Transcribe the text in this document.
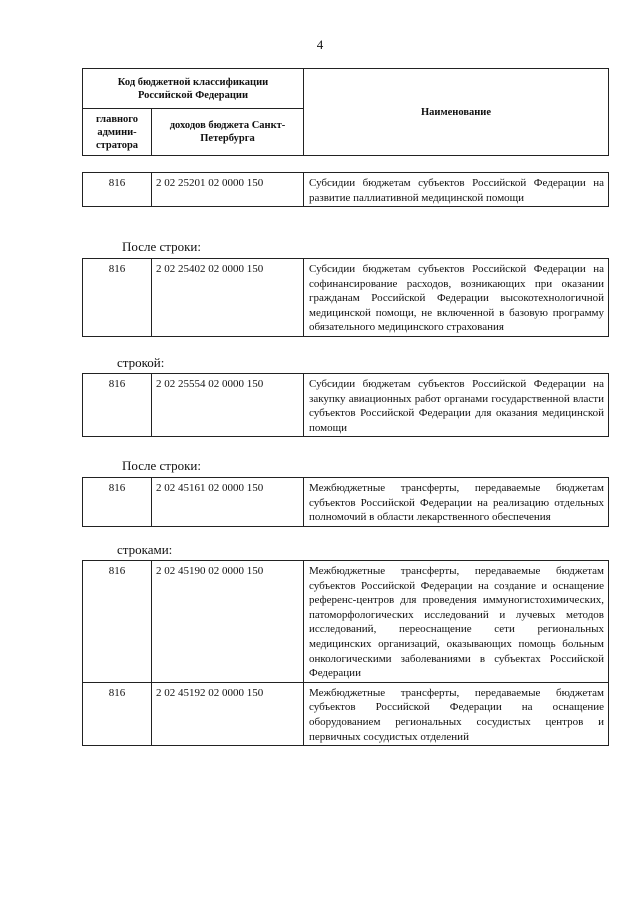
4
Код бюджетной классификации Российской Федерации		Наименование
главного админи-стратора	доходов бюджета Санкт-Петербурга	
816	2 02 25201 02 0000 150	Субсидии бюджетам субъектов Российской Федерации на развитие паллиативной медицинской помощи
После строки:
816	2 02 25402 02 0000 150	Субсидии бюджетам субъектов Российской Федерации на софинансирование расходов, возникающих при оказании гражданам Российской Федерации высокотехнологичной медицинской помощи, не включенной в базовую программу обязательного медицинского страхования
строкой:
816	2 02 25554 02 0000 150	Субсидии бюджетам субъектов Российской Федерации на закупку авиационных работ органами государственной власти субъектов Российской Федерации для оказания медицинской помощи
После строки:
816	2 02 45161 02 0000 150	Межбюджетные трансферты, передаваемые бюджетам субъектов Российской Федерации на реализацию отдельных полномочий в области лекарственного обеспечения
строками:
816	2 02 45190 02 0000 150	Межбюджетные трансферты, передаваемые бюджетам субъектов Российской Федерации на создание и оснащение референс-центров для проведения иммуногистохимических, патоморфологических исследований и лучевых методов исследований, переоснащение сети региональных медицинских организаций, оказывающих помощь больным онкологическими заболеваниями в субъектах Российской Федерации
816	2 02 45192 02 0000 150	Межбюджетные трансферты, передаваемые бюджетам субъектов Российской Федерации на оснащение оборудованием региональных сосудистых центров и первичных сосудистых отделений
